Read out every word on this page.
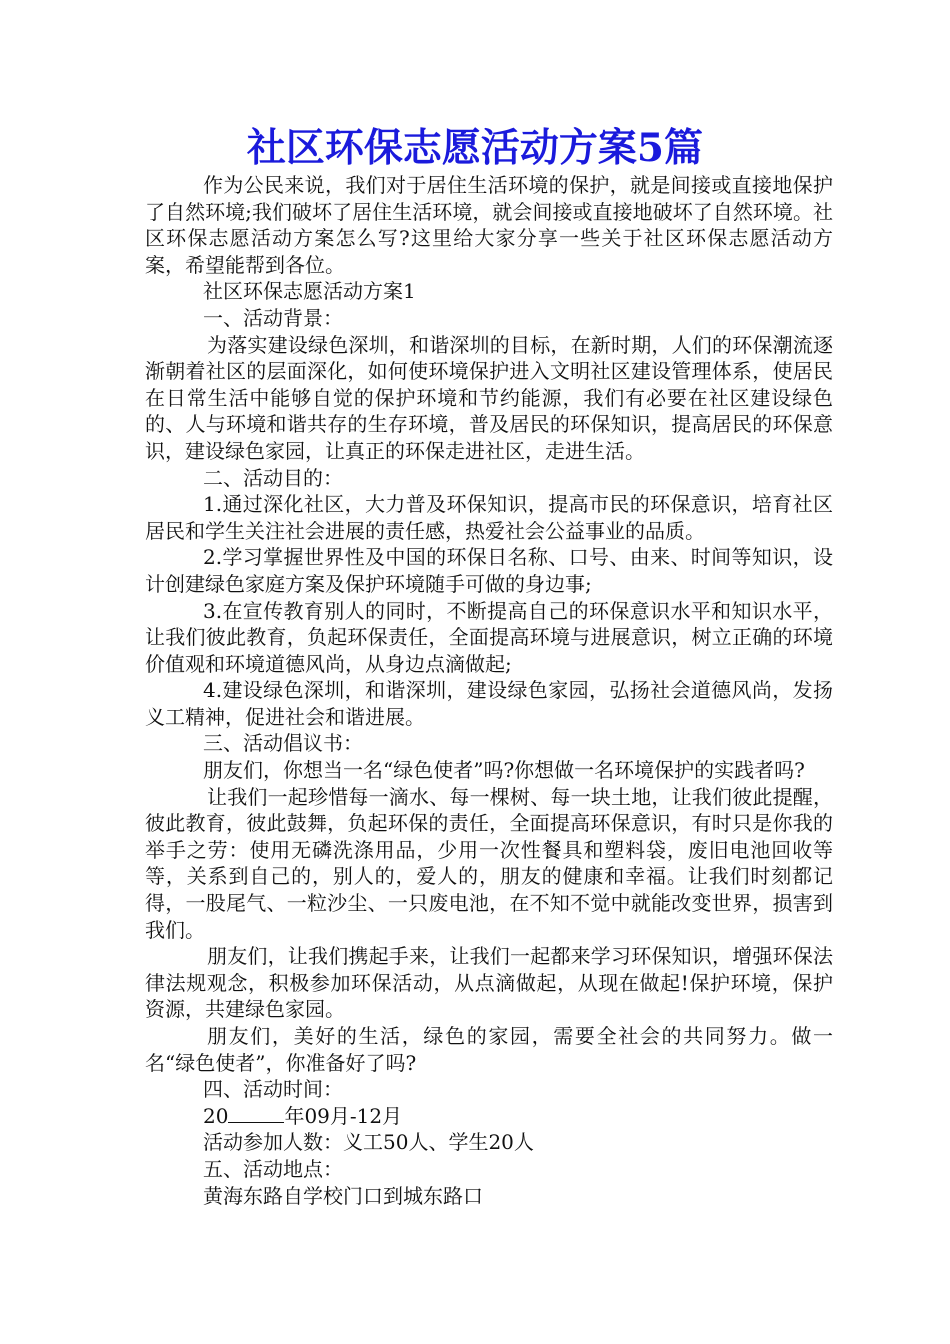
社区环保志愿活动方案5篇

作为公民来说，我们对于居住生活环境的保护，就是间接或直接地保护了自然环境;我们破坏了居住生活环境，就会间接或直接地破坏了自然环境。社区环保志愿活动方案怎么写?这里给大家分享一些关于社区环保志愿活动方案，希望能帮到各位。

社区环保志愿活动方案1

一、活动背景：

为落实建设绿色深圳，和谐深圳的目标，在新时期，人们的环保潮流逐渐朝着社区的层面深化，如何使环境保护进入文明社区建设管理体系，使居民在日常生活中能够自觉的保护环境和节约能源，我们有必要在社区建设绿色的、人与环境和谐共存的生存环境，普及居民的环保知识，提高居民的环保意识，建设绿色家园，让真正的环保走进社区，走进生活。

二、活动目的：

1.通过深化社区，大力普及环保知识，提高市民的环保意识，培育社区居民和学生关注社会进展的责任感，热爱社会公益事业的品质。

2.学习掌握世界性及中国的环保日名称、口号、由来、时间等知识，设计创建绿色家庭方案及保护环境随手可做的身边事;

3.在宣传教育别人的同时，不断提高自己的环保意识水平和知识水平，让我们彼此教育，负起环保责任，全面提高环境与进展意识，树立正确的环境价值观和环境道德风尚，从身边点滴做起;

4.建设绿色深圳，和谐深圳，建设绿色家园，弘扬社会道德风尚，发扬义工精神，促进社会和谐进展。

三、活动倡议书：

朋友们，你想当一名“绿色使者”吗?你想做一名环境保护的实践者吗?

让我们一起珍惜每一滴水、每一棵树、每一块土地，让我们彼此提醒，彼此教育，彼此鼓舞，负起环保的责任，全面提高环保意识，有时只是你我的举手之劳：使用无磷洗涤用品，少用一次性餐具和塑料袋，废旧电池回收等等，关系到自己的，别人的，爱人的，朋友的健康和幸福。让我们时刻都记得，一股尾气、一粒沙尘、一只废电池，在不知不觉中就能改变世界，损害到我们。

朋友们，让我们携起手来，让我们一起都来学习环保知识，增强环保法律法规观念，积极参加环保活动，从点滴做起，从现在做起!保护环境，保护资源，共建绿色家园。

朋友们，美好的生活，绿色的家园，需要全社会的共同努力。做一名“绿色使者”，你准备好了吗?

四、活动时间：

20	年09月-12月

活动参加人数：义工50人、学生20人

五、活动地点：

黄海东路自学校门口到城东路口
